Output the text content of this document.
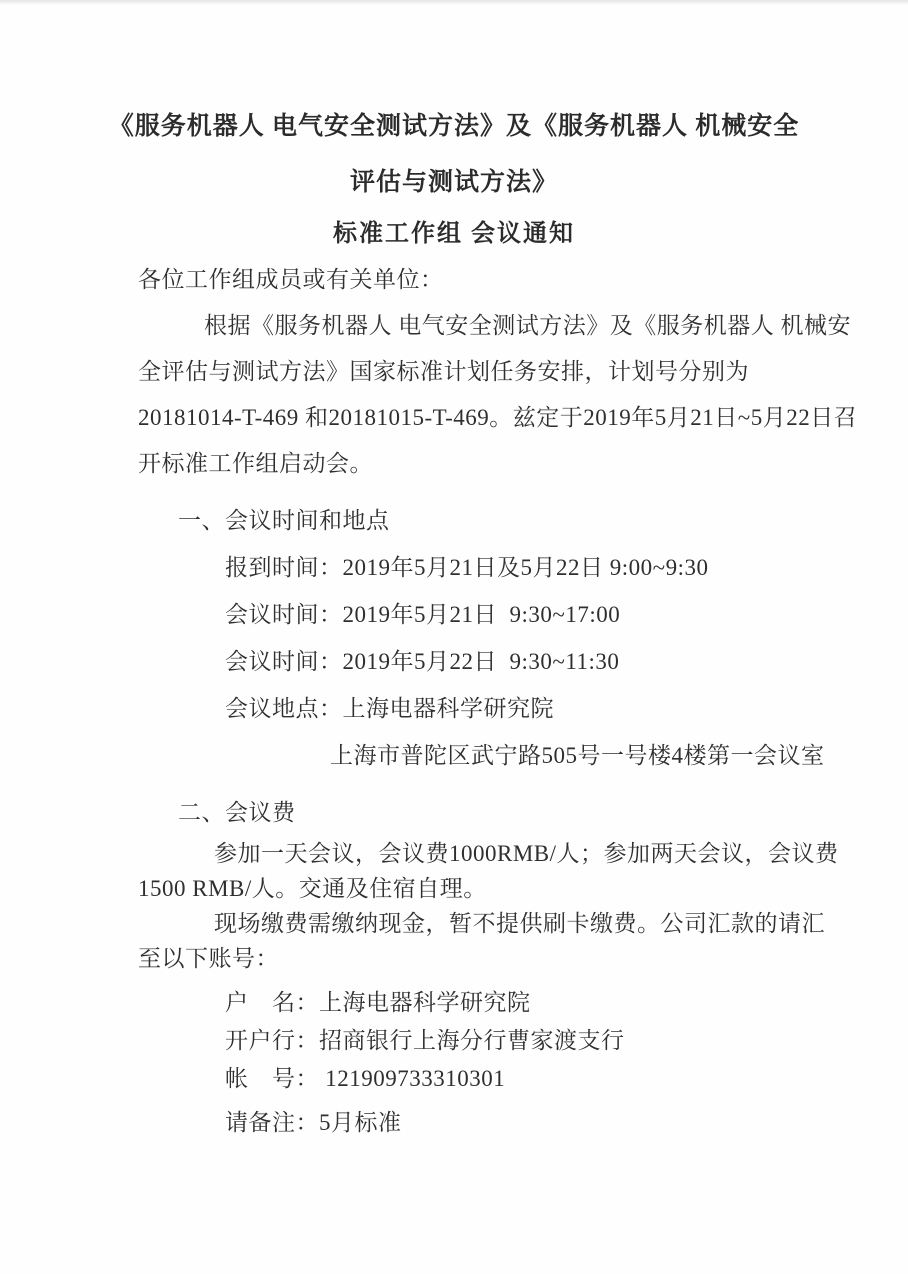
《服务机器人 电气安全测试方法》及《服务机器人 机械安全
评估与测试方法》
标准工作组 会议通知

各位工作组成员或有关单位：

根据《服务机器人 电气安全测试方法》及《服务机器人 机械安

全评估与测试方法》国家标准计划任务安排，计划号分别为

20181014-T-469 和20181015-T-469。兹定于2019年5月21日~5月22日召

开标准工作组启动会。

一、会议时间和地点

报到时间：2019年5月21日及5月22日 9:00~9:30

会议时间：2019年5月21日  9:30~17:00

会议时间：2019年5月22日  9:30~11:30

会议地点：上海电器科学研究院

上海市普陀区武宁路505号一号楼4楼第一会议室

二、会议费

参加一天会议，会议费1000RMB/人；参加两天会议，会议费

1500 RMB/人。交通及住宿自理。

现场缴费需缴纳现金，暂不提供刷卡缴费。公司汇款的请汇

至以下账号：

户　名：上海电器科学研究院

开户行：招商银行上海分行曹家渡支行

帐　号： 121909733310301

请备注：5月标准
